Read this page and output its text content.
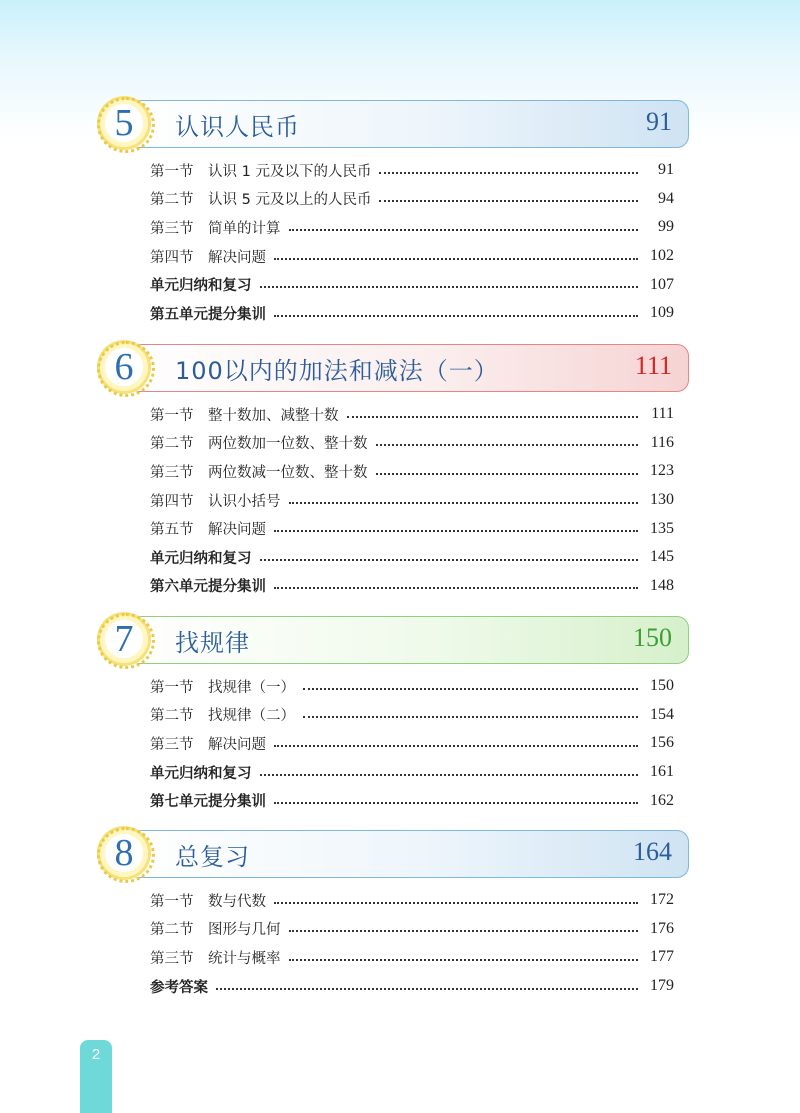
5 认识人民币	91
第一节　认识 1 元及以下的人民币	91
第二节　认识 5 元及以上的人民币	94
第三节　简单的计算	99
第四节　解决问题	102
单元归纳和复习	107
第五单元提分集训	109
6 100以内的加法和减法（一）	111
第一节　整十数加、减整十数	111
第二节　两位数加一位数、整十数	116
第三节　两位数减一位数、整十数	123
第四节　认识小括号	130
第五节　解决问题	135
单元归纳和复习	145
第六单元提分集训	148
7 找规律	150
第一节　找规律（一）	150
第二节　找规律（二）	154
第三节　解决问题	156
单元归纳和复习	161
第七单元提分集训	162
8 总复习	164
第一节　数与代数	172
第二节　图形与几何	176
第三节　统计与概率	177
参考答案	179
2
